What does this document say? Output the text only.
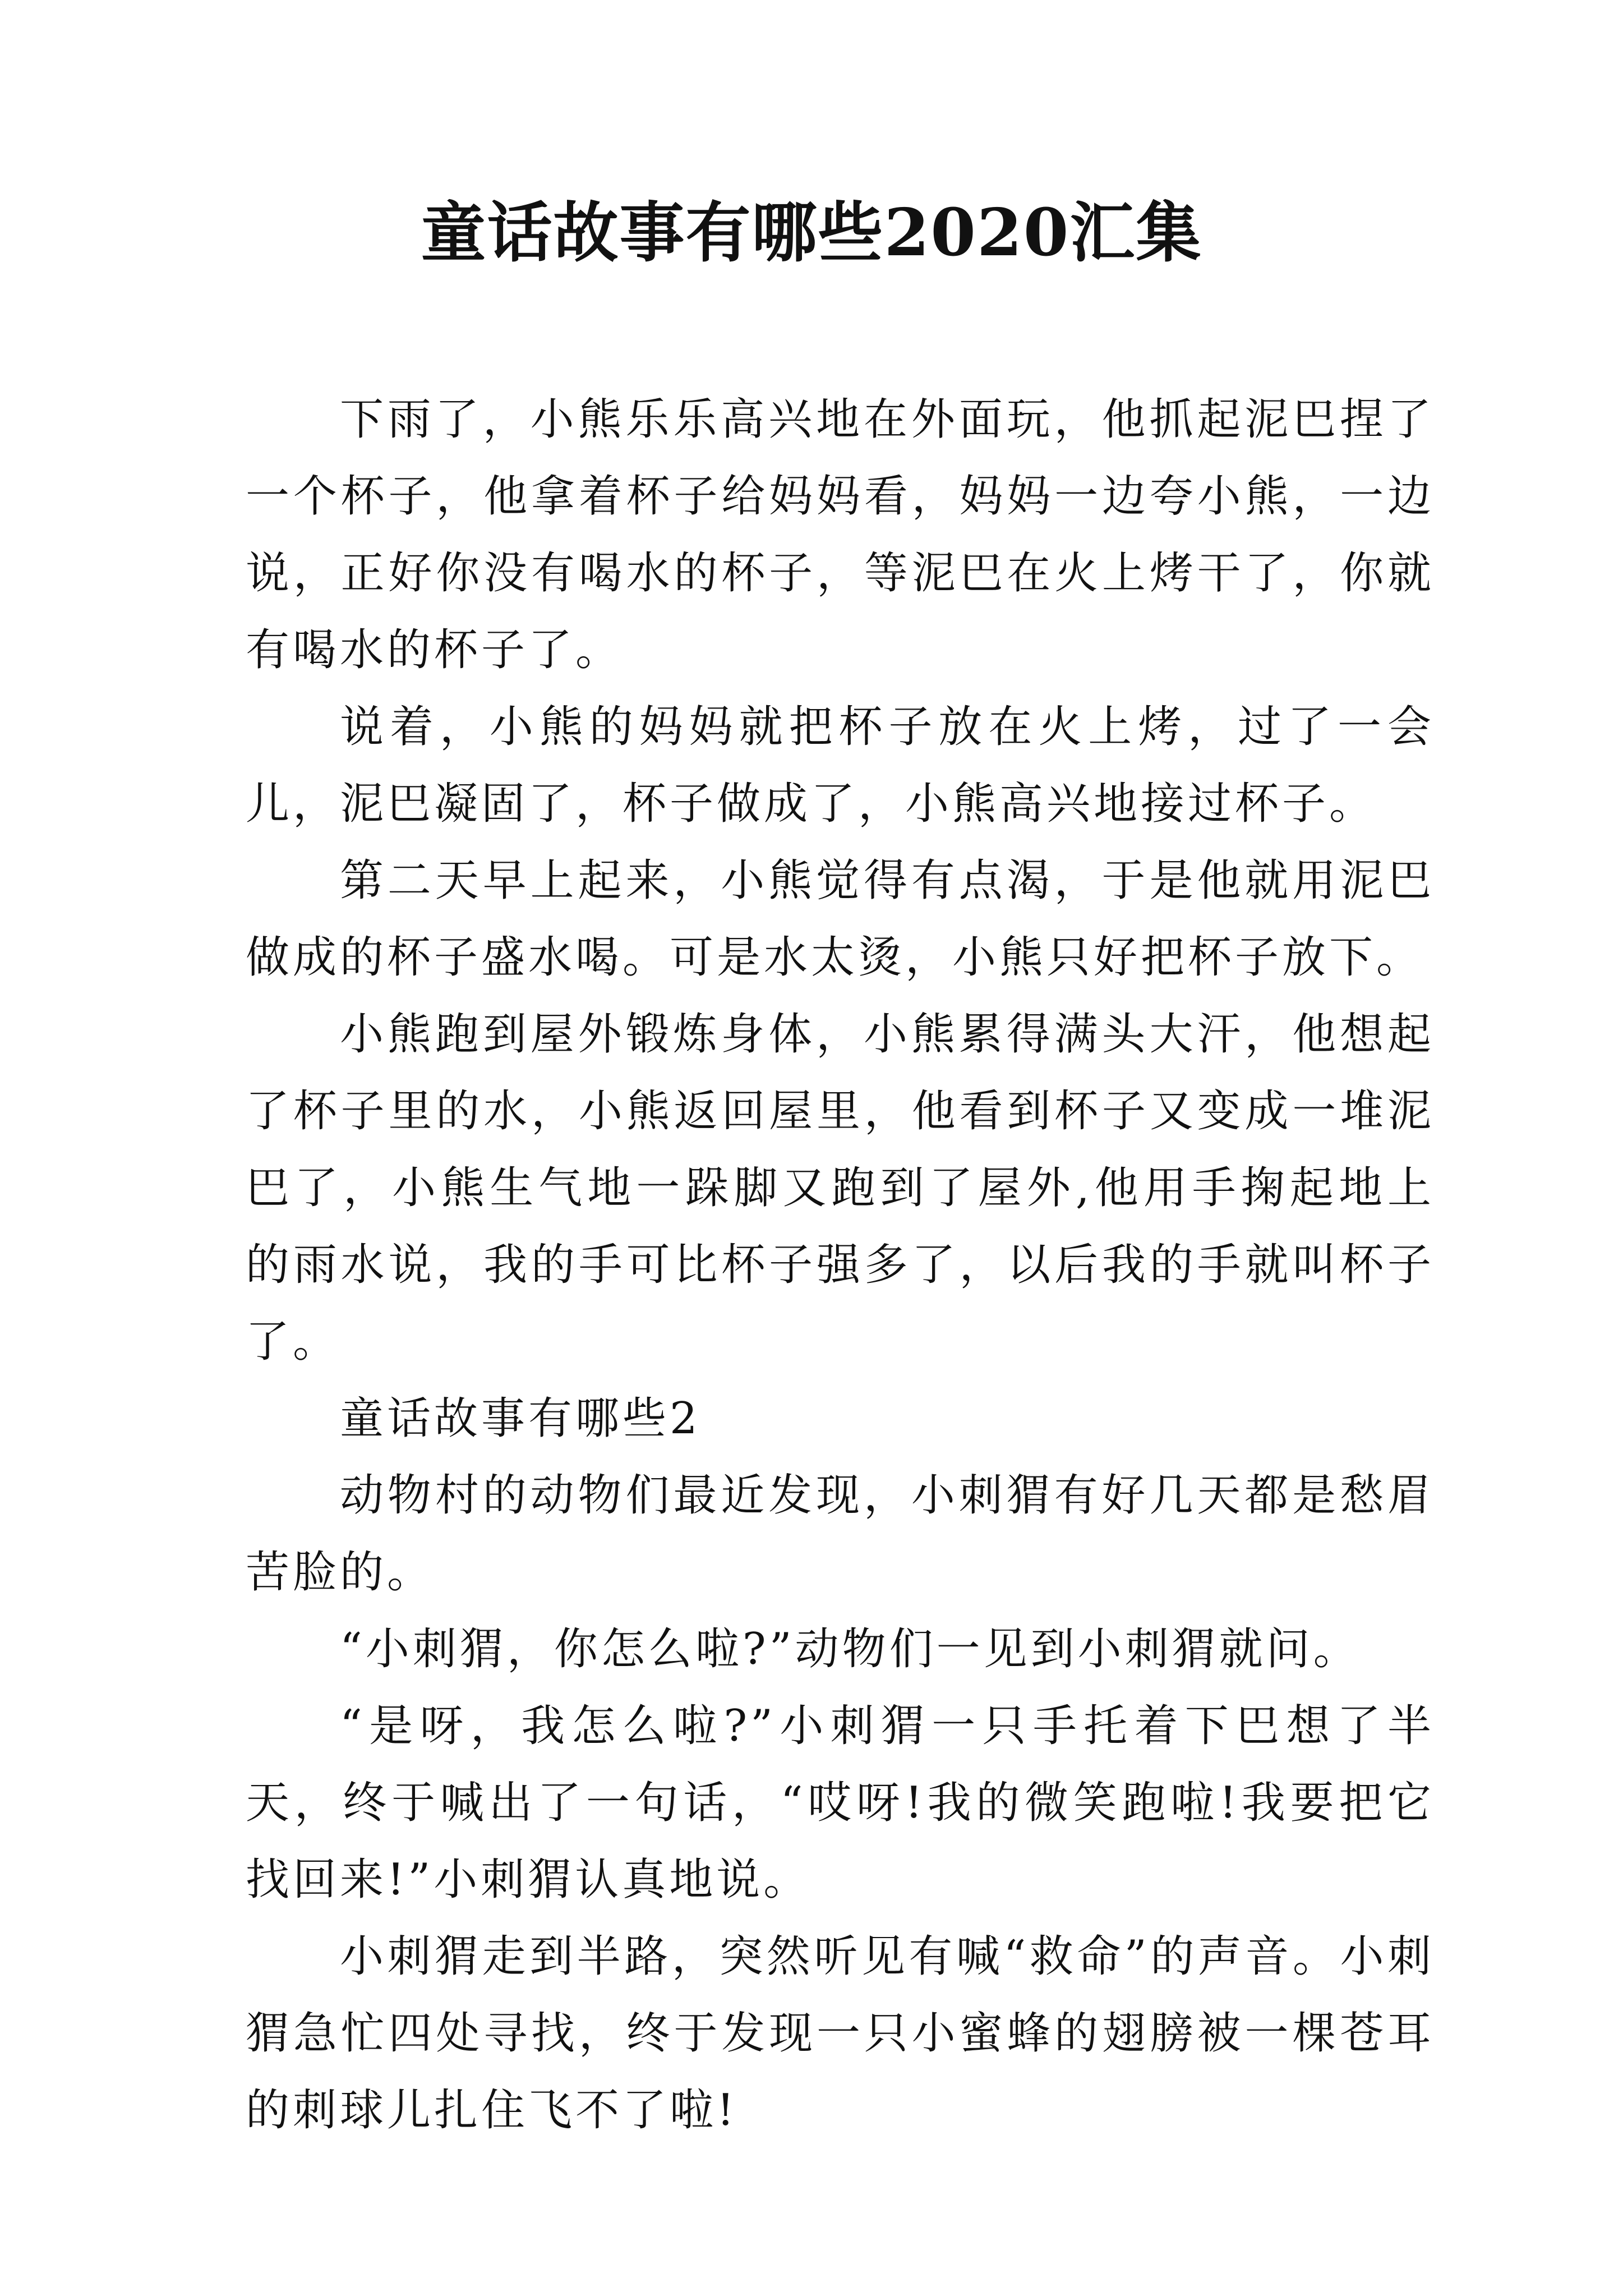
童话故事有哪些2020汇集

下雨了，小熊乐乐高兴地在外面玩，他抓起泥巴捏了一个杯子，他拿着杯子给妈妈看，妈妈一边夸小熊，一边说，正好你没有喝水的杯子，等泥巴在火上烤干了，你就有喝水的杯子了。

说着，小熊的妈妈就把杯子放在火上烤，过了一会儿，泥巴凝固了，杯子做成了，小熊高兴地接过杯子。

第二天早上起来，小熊觉得有点渴，于是他就用泥巴做成的杯子盛水喝。可是水太烫，小熊只好把杯子放下。

小熊跑到屋外锻炼身体，小熊累得满头大汗，他想起了杯子里的水，小熊返回屋里，他看到杯子又变成一堆泥巴了，小熊生气地一跺脚又跑到了屋外,他用手掬起地上的雨水说，我的手可比杯子强多了，以后我的手就叫杯子了。

童话故事有哪些2

动物村的动物们最近发现，小刺猬有好几天都是愁眉苦脸的。

“小刺猬，你怎么啦?”动物们一见到小刺猬就问。

“是呀，我怎么啦?”小刺猬一只手托着下巴想了半天，终于喊出了一句话，“哎呀!我的微笑跑啦!我要把它找回来!”小刺猬认真地说。

小刺猬走到半路，突然听见有喊“救命”的声音。小刺猬急忙四处寻找，终于发现一只小蜜蜂的翅膀被一棵苍耳的刺球儿扎住飞不了啦!
